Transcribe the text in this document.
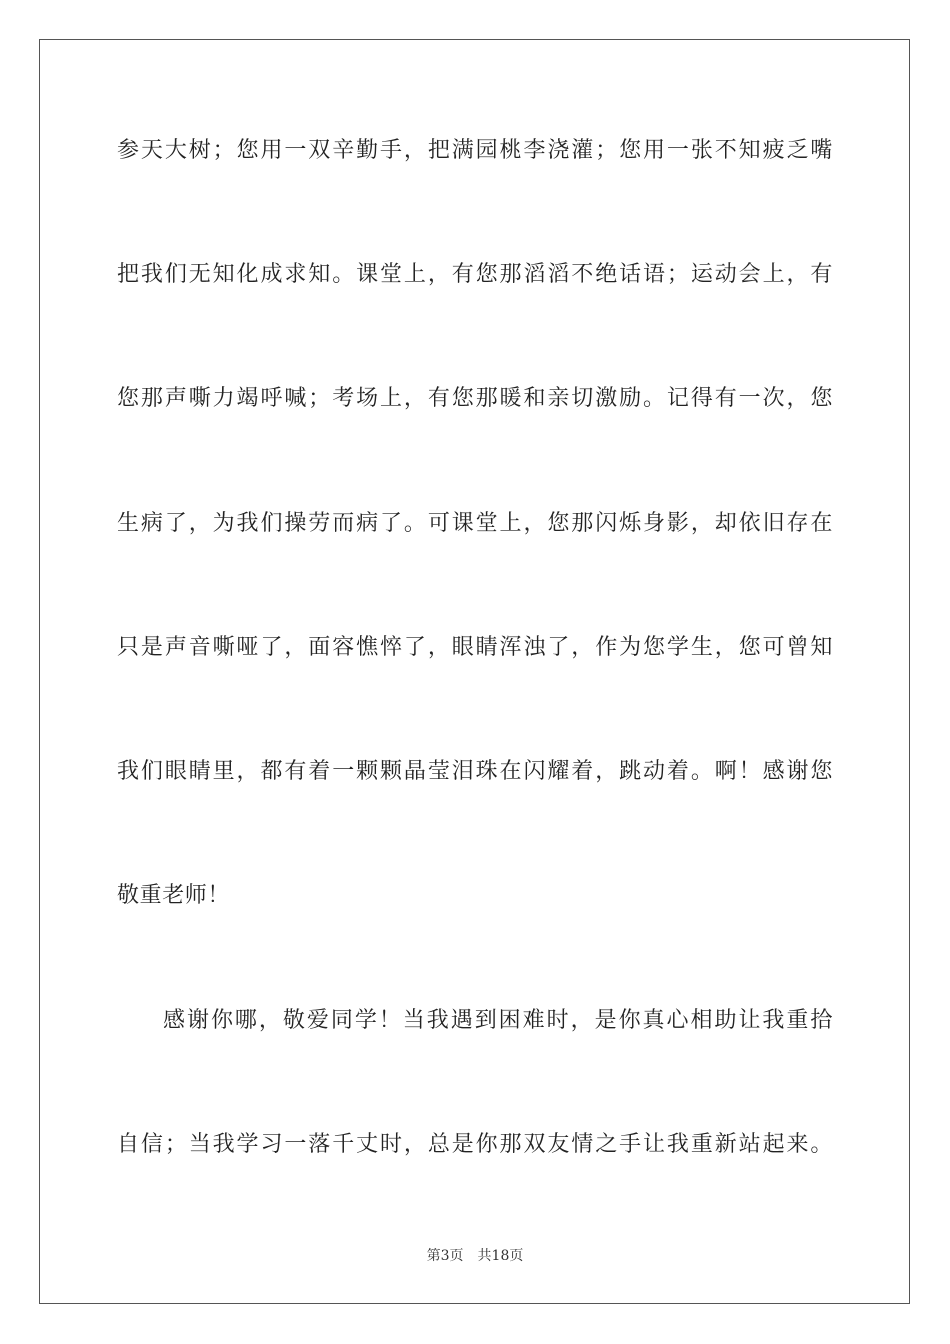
参天大树；您用一双辛勤手，把满园桃李浇灌；您用一张不知疲乏嘴
把我们无知化成求知。课堂上，有您那滔滔不绝话语；运动会上，有
您那声嘶力竭呼喊；考场上，有您那暖和亲切激励。记得有一次，您
生病了，为我们操劳而病了。可课堂上，您那闪烁身影，却依旧存在
只是声音嘶哑了，面容憔悴了，眼睛浑浊了，作为您学生，您可曾知
我们眼睛里，都有着一颗颗晶莹泪珠在闪耀着，跳动着。啊！感谢您
敬重老师！
感谢你哪，敬爱同学！当我遇到困难时，是你真心相助让我重拾
自信；当我学习一落千丈时，总是你那双友情之手让我重新站起来。
第3页 共18页
